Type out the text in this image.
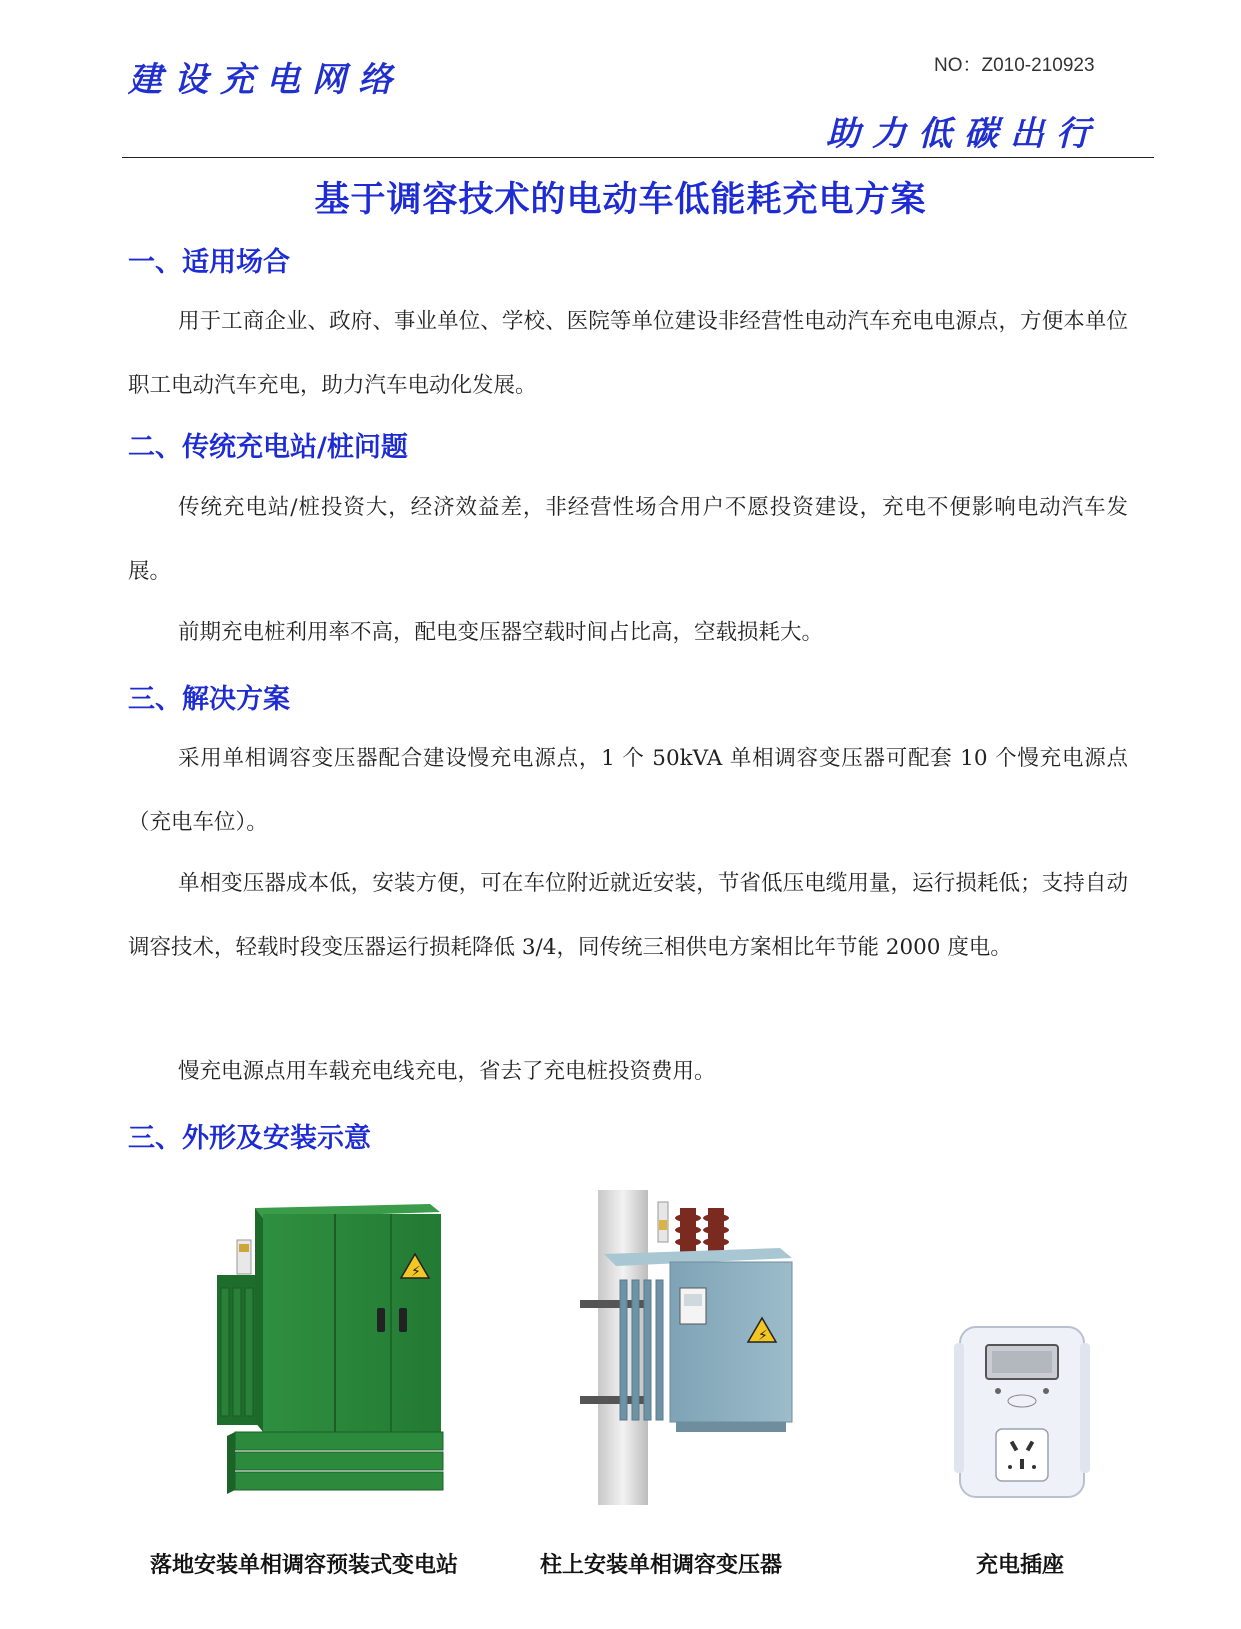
建设充电网络	NO：Z010-210923
助力低碳出行
基于调容技术的电动车低能耗充电方案
一、适用场合
用于工商企业、政府、事业单位、学校、医院等单位建设非经营性电动汽车充电电源点，方便本单位职工电动汽车充电，助力汽车电动化发展。
二、传统充电站/桩问题
传统充电站/桩投资大，经济效益差，非经营性场合用户不愿投资建设，充电不便影响电动汽车发展。
前期充电桩利用率不高，配电变压器空载时间占比高，空载损耗大。
三、解决方案
采用单相调容变压器配合建设慢充电源点，1 个 50kVA 单相调容变压器可配套 10 个慢充电源点（充电车位）。
单相变压器成本低，安装方便，可在车位附近就近安装，节省低压电缆用量，运行损耗低；支持自动调容技术，轻载时段变压器运行损耗降低 3/4，同传统三相供电方案相比年节能 2000 度电。
慢充电源点用车载充电线充电，省去了充电桩投资费用。
三、外形及安装示意
⚡
⚡
落地安装单相调容预装式变电站	柱上安装单相调容变压器	充电插座
